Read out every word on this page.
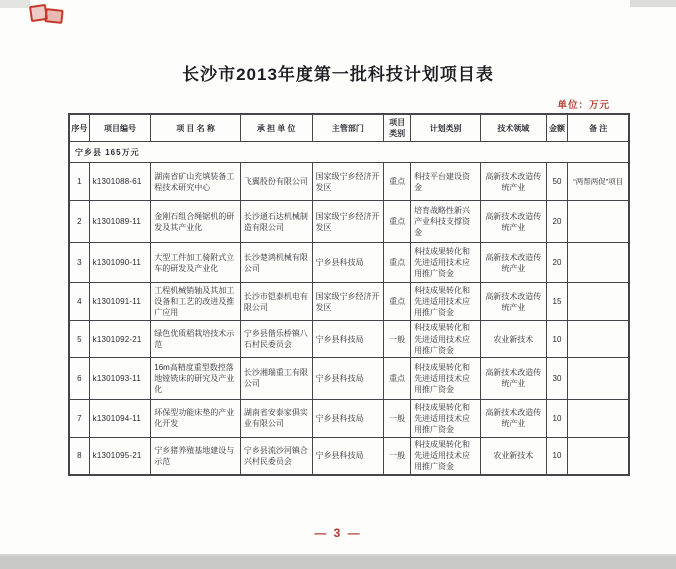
长沙市2013年度第一批科技计划项目表
单位：万元
序号	项目编号	项 目 名 称	承 担 单 位	主管部门	项目类别	计划类别	技术领域	金额	备 注
宁乡县 165万元									
1	k1301088-61	湖南省矿山充填装备工程技术研究中心	飞翼股份有限公司	国家级宁乡经济开发区	重点	科技平台建设资金	高新技术改造传统产业	50	“两帮两促”项目
2	k1301089-11	金刚石组合绳锯机的研发及其产业化	长沙通石达机械制造有限公司	国家级宁乡经济开发区	重点	培育战略性新兴产业科技支撑资金	高新技术改造传统产业	20	
3	k1301090-11	大型工件加工骑附式立车的研发及产业化	长沙楚鸿机械有限公司	宁乡县科技局	重点	科技成果转化和先进适用技术应用推广资金	高新技术改造传统产业	20	
4	k1301091-11	工程机械销轴及其加工设备和工艺的改进及推广应用	长沙市铠泰机电有限公司	国家级宁乡经济开发区	重点	科技成果转化和先进适用技术应用推广资金	高新技术改造传统产业	15	
5	k1301092-21	绿色优质稻栽培技术示范	宁乡县偕乐桥镇八石村民委员会	宁乡县科技局	一般	科技成果转化和先进适用技术应用推广资金	农业新技术	10	
6	k1301093-11	16m高精度重型数控落地镗铣床的研究及产业化	长沙湘瑞重工有限公司	宁乡县科技局	重点	科技成果转化和先进适用技术应用推广资金	高新技术改造传统产业	30	
7	k1301094-11	环保型功能床垫的产业化开发	湖南省安泰家俱实业有限公司	宁乡县科技局	一般	科技成果转化和先进适用技术应用推广资金	高新技术改造传统产业	10	
8	k1301095-21	宁乡猪养殖基地建设与示范	宁乡县流沙河镇合兴村民委员会	宁乡县科技局	一般	科技成果转化和先进适用技术应用推广资金	农业新技术	10	
— 3 —
